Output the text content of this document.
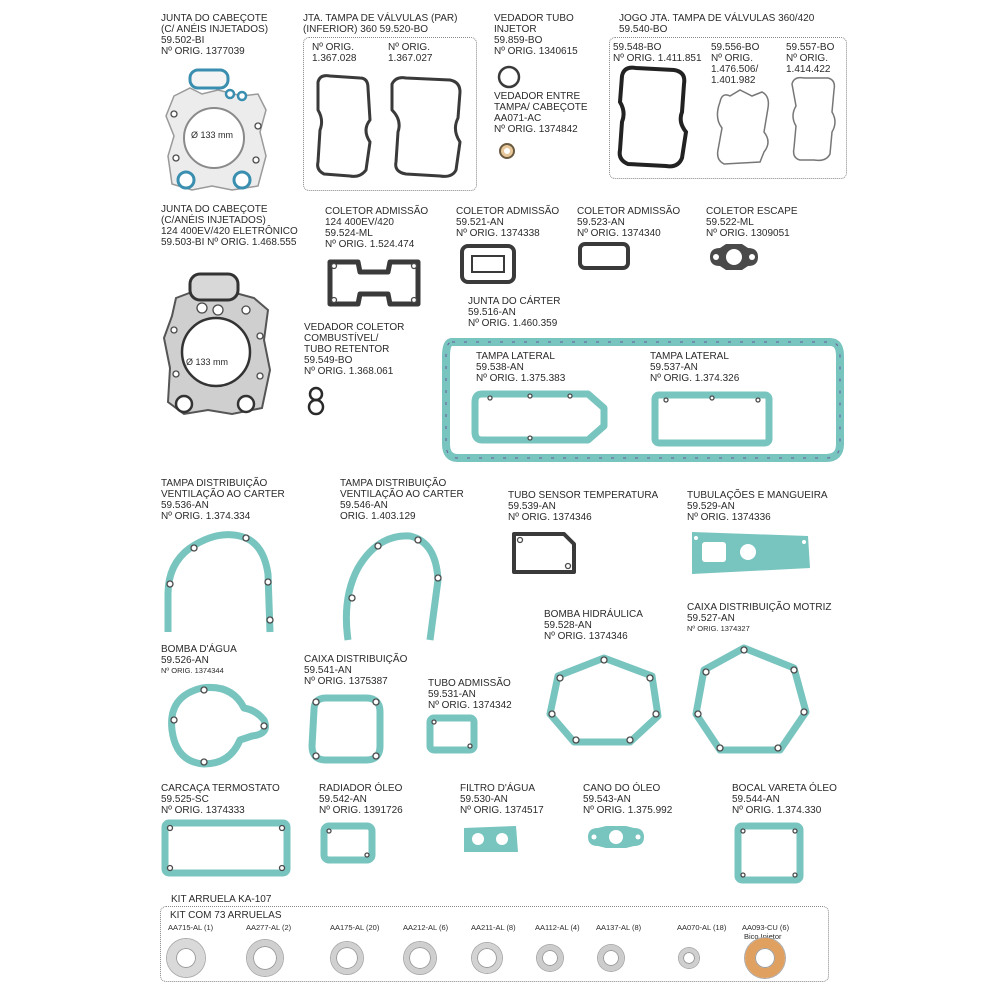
JUNTA DO CABEÇOTE
(C/ ANÉIS INJETADOS)
59.502-BI
Nº ORIG. 1377039
Ø 133 mm
JTA. TAMPA DE VÁLVULAS (PAR)
(INFERIOR) 360 59.520-BO
Nº ORIG.
1.367.028
Nº ORIG.
1.367.027
VEDADOR TUBO
INJETOR
59.859-BO
Nº ORIG. 1340615
VEDADOR ENTRE
TAMPA/ CABEÇOTE
AA071-AC
Nº ORIG. 1374842
JOGO JTA. TAMPA DE VÁLVULAS 360/420
59.540-BO
59.548-BO
Nº ORIG. 1.411.851
59.556-BO
Nº ORIG.
1.476.506/
1.401.982
59.557-BO
Nº ORIG.
1.414.422
JUNTA DO CABEÇOTE
(C/ANÉIS INJETADOS)
124 400EV/420 ELETRÔNICO
59.503-BI Nº ORIG. 1.468.555
Ø 133 mm
COLETOR ADMISSÃO
124 400EV/420
59.524-ML
Nº ORIG. 1.524.474
COLETOR ADMISSÃO
59.521-AN
Nº ORIG. 1374338
COLETOR ADMISSÃO
59.523-AN
Nº ORIG. 1374340
COLETOR ESCAPE
59.522-ML
Nº ORIG. 1309051
JUNTA DO CÁRTER
59.516-AN
Nº ORIG. 1.460.359
TAMPA LATERAL
59.538-AN
Nº ORIG. 1.375.383
TAMPA LATERAL
59.537-AN
Nº ORIG. 1.374.326
VEDADOR COLETOR
COMBUSTÍVEL/
TUBO RETENTOR
59.549-BO
Nº ORIG. 1.368.061
TAMPA DISTRIBUIÇÃO
VENTILAÇÃO AO CARTER
59.536-AN
Nº ORIG. 1.374.334
TAMPA DISTRIBUIÇÃO
VENTILAÇÃO AO CARTER
59.546-AN
ORIG. 1.403.129
TUBO SENSOR TEMPERATURA
59.539-AN
Nº ORIG. 1374346
TUBULAÇÕES E MANGUEIRA
59.529-AN
Nº ORIG. 1374336
BOMBA HIDRÁULICA
59.528-AN
Nº ORIG. 1374346
CAIXA DISTRIBUIÇÃO MOTRIZ
59.527-AN
Nº ORIG. 1374327
BOMBA D'ÁGUA
59.526-AN
Nº ORIG. 1374344
CAIXA DISTRIBUIÇÃO
59.541-AN
Nº ORIG. 1375387	TUBO ADMISSÃO
59.531-AN
Nº ORIG. 1374342
CARCAÇA TERMOSTATO
59.525-SC
Nº ORIG. 1374333
RADIADOR ÓLEO
59.542-AN
Nº ORIG. 1391726
FILTRO D'ÁGUA
59.530-AN
Nº ORIG. 1374517
CANO DO ÓLEO
59.543-AN
Nº ORIG. 1.375.992
BOCAL VARETA ÓLEO
59.544-AN
Nº ORIG. 1.374.330
KIT ARRUELA KA-107
KIT COM 73 ARRUELAS
AA715-AL (1)	AA277-AL (2)	AA175-AL (20)	AA212-AL (6)	AA211-AL (8)	AA112-AL (4) AA137-AL (8)	AA070-AL (18) AA093-CU (6)
Bico Injetor
